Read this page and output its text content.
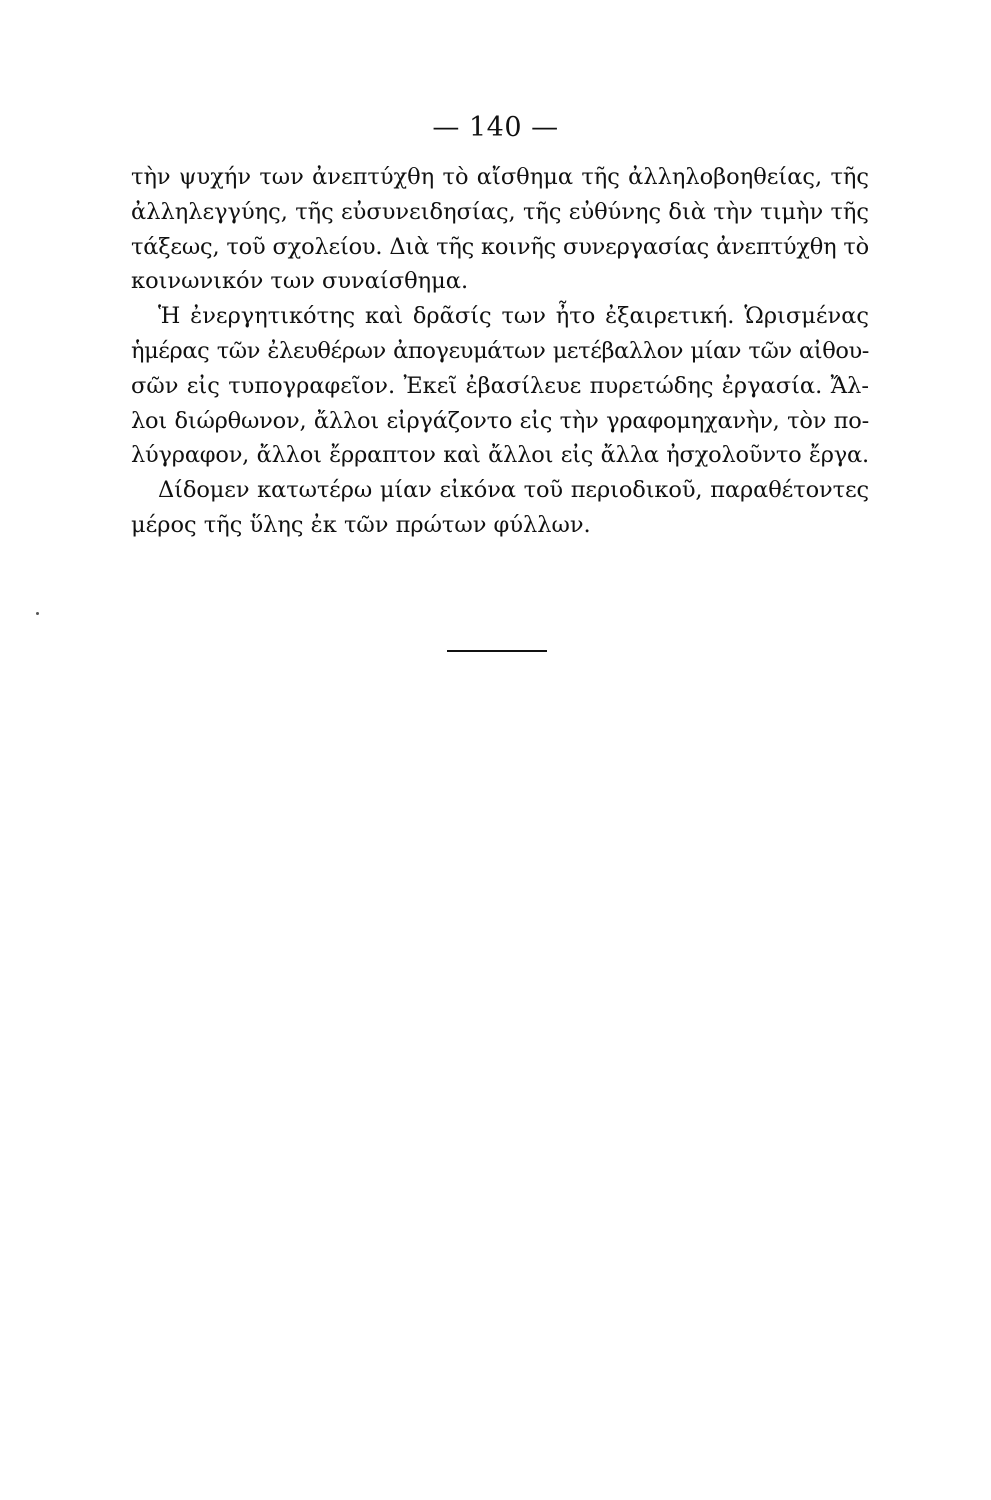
— 140 —
τὴν ψυχήν των ἀνεπτύχθη τὸ αἴσθημα τῆς ἀλληλοβοηθείας, τῆς
ἀλληλεγγύης, τῆς εὐσυνειδησίας, τῆς εὐθύνης διὰ τὴν τιμὴν τῆς
τάξεως, τοῦ σχολείου. Διὰ τῆς κοινῆς συνεργασίας ἀνεπτύχθη τὸ
κοινωνικόν των συναίσθημα.
Ἡ ἐνεργητικότης καὶ δρᾶσίς των ἦτο ἐξαιρετική. Ὡρισμένας
ἡμέρας τῶν ἐλευθέρων ἀπογευμάτων μετέβαλλον μίαν τῶν αἰθου-
σῶν εἰς τυπογραφεῖον. Ἐκεῖ ἐβασίλευε πυρετώδης ἐργασία. Ἄλ-
λοι διώρθωνον, ἄλλοι εἰργάζοντο εἰς τὴν γραφομηχανὴν, τὸν πο-
λύγραφον, ἄλλοι ἔρραπτον καὶ ἄλλοι εἰς ἄλλα ἠσχολοῦντο ἔργα.
Δίδομεν κατωτέρω μίαν εἰκόνα τοῦ περιοδικοῦ, παραθέτοντες
μέρος τῆς ὕλης ἐκ τῶν πρώτων φύλλων.
